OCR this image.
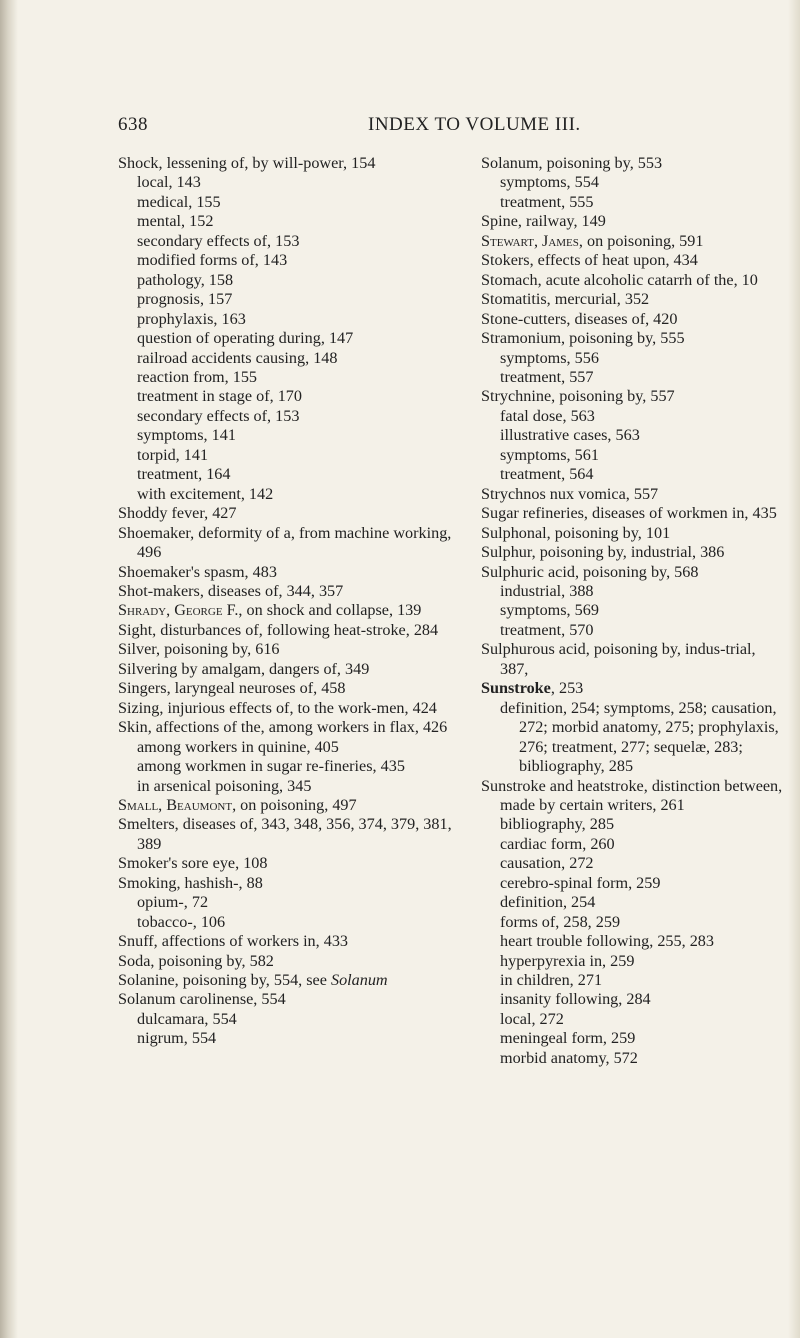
638	INDEX TO VOLUME III.
Shock, lessening of, by will-power, 154
local, 143
medical, 155
mental, 152
secondary effects of, 153
modified forms of, 143
pathology, 158
prognosis, 157
prophylaxis, 163
question of operating during, 147
railroad accidents causing, 148
reaction from, 155
treatment in stage of, 170
secondary effects of, 153
symptoms, 141
torpid, 141
treatment, 164
with excitement, 142
Shoddy fever, 427
Shoemaker, deformity of a, from machine working, 496
Shoemaker's spasm, 483
Shot-makers, diseases of, 344, 357
Shrady, George F., on shock and collapse, 139
Sight, disturbances of, following heat-stroke, 284
Silver, poisoning by, 616
Silvering by amalgam, dangers of, 349
Singers, laryngeal neuroses of, 458
Sizing, injurious effects of, to the work-men, 424
Skin, affections of the, among workers in flax, 426
among workers in quinine, 405
among workmen in sugar re-fineries, 435
in arsenical poisoning, 345
Small, Beaumont, on poisoning, 497
Smelters, diseases of, 343, 348, 356, 374, 379, 381, 389
Smoker's sore eye, 108
Smoking, hashish-, 88
opium-, 72
tobacco-, 106
Snuff, affections of workers in, 433
Soda, poisoning by, 582
Solanine, poisoning by, 554, see Solanum
Solanum carolinense, 554
dulcamara, 554
nigrum, 554
Solanum, poisoning by, 553
symptoms, 554
treatment, 555
Spine, railway, 149
Stewart, James, on poisoning, 591
Stokers, effects of heat upon, 434
Stomach, acute alcoholic catarrh of the, 10
Stomatitis, mercurial, 352
Stone-cutters, diseases of, 420
Stramonium, poisoning by, 555
symptoms, 556
treatment, 557
Strychnine, poisoning by, 557
fatal dose, 563
illustrative cases, 563
symptoms, 561
treatment, 564
Strychnos nux vomica, 557
Sugar refineries, diseases of workmen in, 435
Sulphonal, poisoning by, 101
Sulphur, poisoning by, industrial, 386
Sulphuric acid, poisoning by, 568
industrial, 388
symptoms, 569
treatment, 570
Sulphurous acid, poisoning by, indus-trial, 387,
Sunstroke, 253
definition, 254; symptoms, 258; causation, 272; morbid anatomy, 275; prophylaxis, 276; treatment, 277; sequelæ, 283; bibliography, 285
Sunstroke and heatstroke, distinction between, made by certain writers, 261
bibliography, 285
cardiac form, 260
causation, 272
cerebro-spinal form, 259
definition, 254
forms of, 258, 259
heart trouble following, 255, 283
hyperpyrexia in, 259
in children, 271
insanity following, 284
local, 272
meningeal form, 259
morbid anatomy, 572
